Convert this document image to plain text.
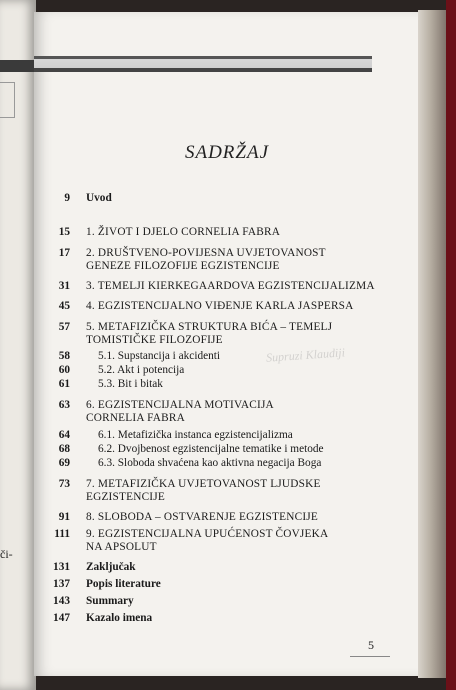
či-
SADRŽAJ
Supruzi Klaudiji
9 Uvod
15 1. ŽIVOT I DJELO CORNELIA FABRA
17 2. DRUŠTVENO-POVIJESNA UVJETOVANOST
GENEZE FILOZOFIJE EGZISTENCIJE
31 3. TEMELJI KIERKEGAARDOVA EGZISTENCIJALIZMA
45 4. EGZISTENCIJALNO VIĐENJE KARLA JASPERSA
57 5. METAFIZIČKA STRUKTURA BIĆA – TEMELJ
TOMISTIČKE FILOZOFIJE
58 5.1. Supstancija i akcidenti
60 5.2. Akt i potencija
61 5.3. Bit i bitak
63 6. EGZISTENCIJALNA MOTIVACIJA
CORNELIA FABRA
64 6.1. Metafizička instanca egzistencijalizma
68 6.2. Dvojbenost egzistencijalne tematike i metode
69 6.3. Sloboda shvaćena kao aktivna negacija Boga
73 7. METAFIZIČKA UVJETOVANOST LJUDSKE
EGZISTENCIJE
91 8. SLOBODA – OSTVARENJE EGZISTENCIJE
111 9. EGZISTENCIJALNA UPUĆENOST ČOVJEKA
NA APSOLUT
131 Zaključak
137 Popis literature
143 Summary
147 Kazalo imena
5
